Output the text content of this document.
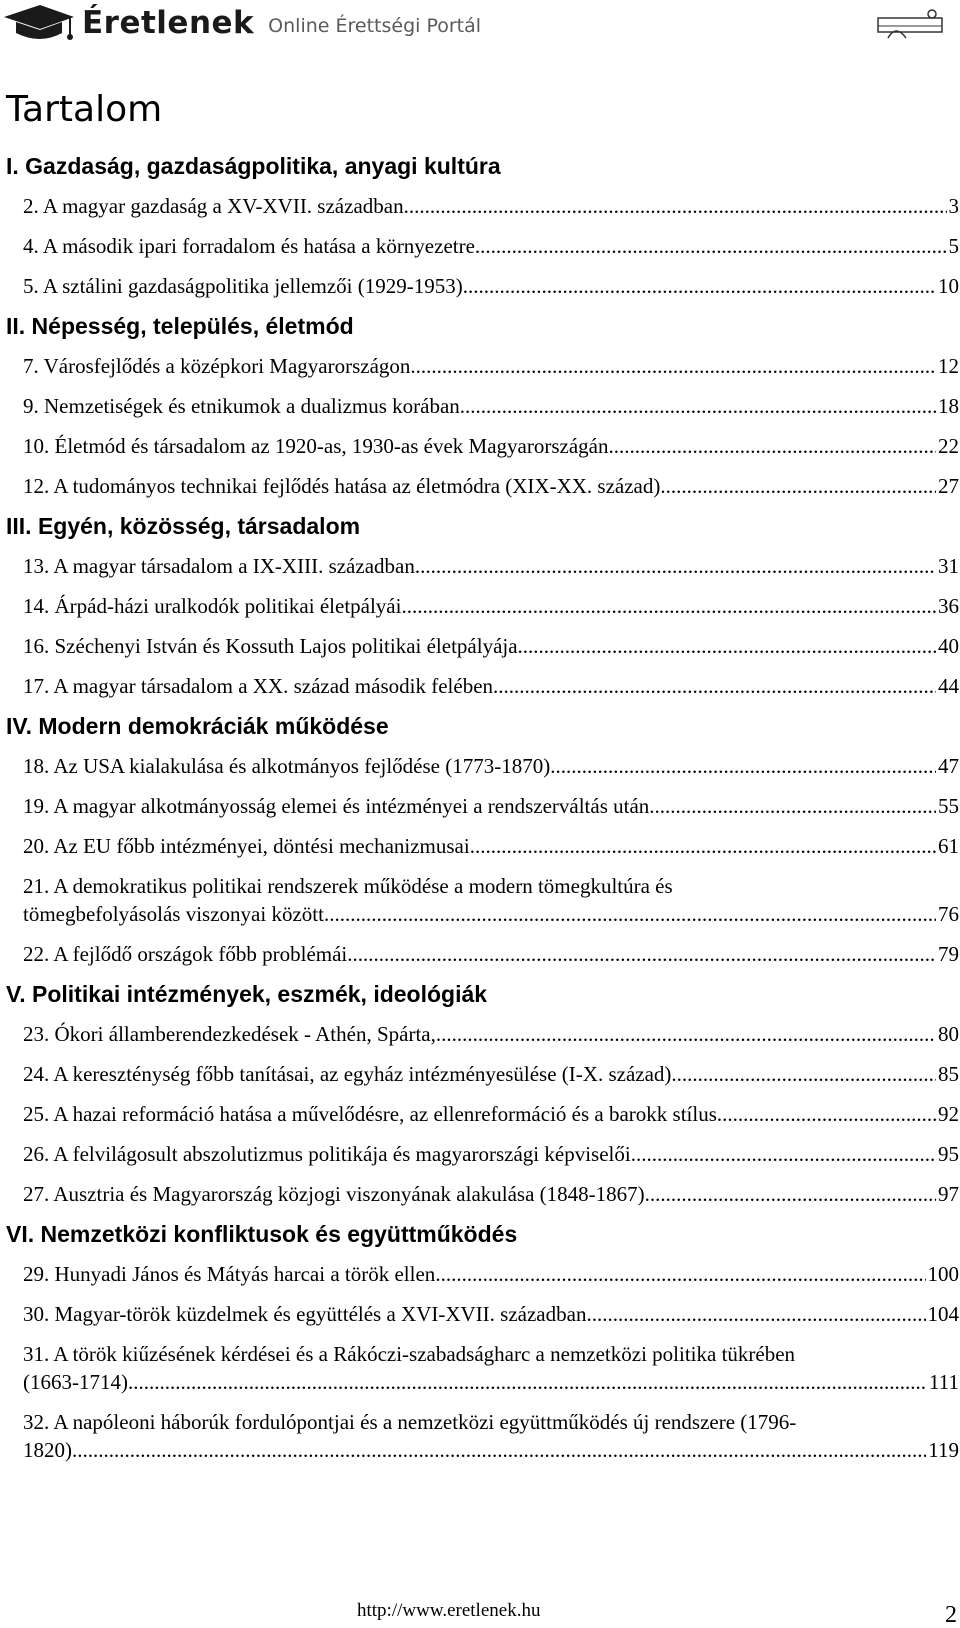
Éretlenek Online Érettségi Portál
Tartalom
I. Gazdaság, gazdaságpolitika, anyagi kultúra
2. A magyar gazdaság a XV-XVII. században .....	3
4. A második ipari forradalom és hatása a környezetre .....	5
5. A sztálini gazdaságpolitika jellemzői (1929-1953) .....	10
II. Népesség, település, életmód
7. Városfejlődés a középkori Magyarországon .....	12
9. Nemzetiségek és etnikumok a dualizmus korában .....	18
10. Életmód és társadalom az 1920-as, 1930-as évek Magyarországán .....	22
12. A tudományos technikai fejlődés hatása az életmódra (XIX-XX. század) .....	27
III. Egyén, közösség, társadalom
13. A magyar társadalom a IX-XIII. században .....	31
14. Árpád-házi uralkodók politikai életpályái .....	36
16. Széchenyi István és Kossuth Lajos politikai életpályája .....	40
17. A magyar társadalom a XX. század második felében .....	44
IV. Modern demokráciák működése
18. Az USA kialakulása és alkotmányos fejlődése (1773-1870) .....	47
19. A magyar alkotmányosság elemei és intézményei a rendszerváltás után .....	55
20. Az EU főbb intézményei, döntési mechanizmusai .....	61
21. A demokratikus politikai rendszerek működése a modern tömegkultúra és
tömegbefolyásolás viszonyai között .....	76
22. A fejlődő országok főbb problémái .....	79
V. Politikai intézmények, eszmék, ideológiák
23. Ókori államberendezkedések - Athén, Spárta, .....	80
24. A kereszténység főbb tanításai, az egyház intézményesülése (I-X. század) .....	85
25. A hazai reformáció hatása a művelődésre, az ellenreformáció és a barokk stílus .....	92
26. A felvilágosult abszolutizmus politikája és magyarországi képviselői .....	95
27. Ausztria és Magyarország közjogi viszonyának alakulása (1848-1867) .....	97
VI. Nemzetközi konfliktusok és együttműködés
29. Hunyadi János és Mátyás harcai a török ellen .....	100
30. Magyar-török küzdelmek és együttélés a XVI-XVII. században .....	104
31. A török kiűzésének kérdései és a Rákóczi-szabadságharc a nemzetközi politika tükrében
(1663-1714) .....	111
32. A napóleoni háborúk fordulópontjai és a nemzetközi együttműködés új rendszere (1796-
1820) .....	119
http://www.eretlenek.hu	2
